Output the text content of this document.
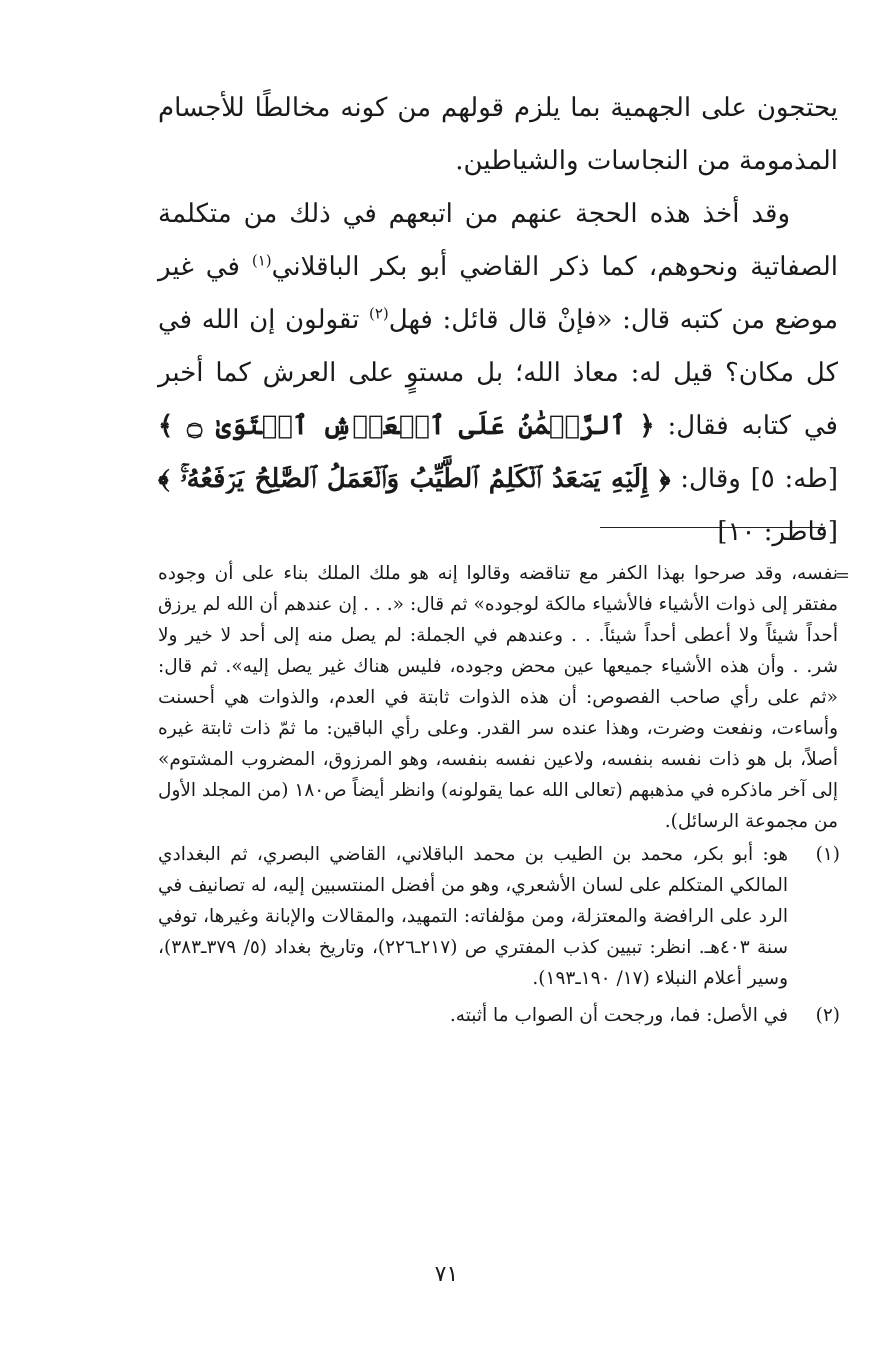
يحتجون على الجهمية بما يلزم قولهم من كونه مخالطًا للأجسام المذمومة من النجاسات والشياطين.

وقد أخذ هذه الحجة عنهم من اتبعهم في ذلك من متكلمة الصفاتية ونحوهم، كما ذكر القاضي أبو بكر الباقلاني$^{(١)}$ في غير موضع من كتبه قال: «فإنْ قال قائل: فهل$^{(٢)}$ تقولون إن الله في كل مكان؟ قيل له: معاذ الله؛ بل مستوٍ على العرش كما أخبر في كتابه فقال: ﴿ ٱلرَّحۡمَٰنُ عَلَى ٱلۡعَرۡشِ ٱسۡتَوَىٰ ۝ ﴾ [طه: ٥] وقال: ﴿ إِلَيۡهِ يَصۡعَدُ ٱلۡكَلِمُ ٱلطَّيِّبُ وَٱلۡعَمَلُ ٱلصَّٰلِحُ يَرۡفَعُهُۥۚ ﴾ [فاطر: ١٠]

=

نفسه، وقد صرحوا بهذا الكفر مع تناقضه وقالوا إنه هو ملك الملك بناء على أن وجوده مفتقر إلى ذوات الأشياء فالأشياء مالكة لوجوده» ثم قال: «. . . إن عندهم أن الله لم يرزق أحداً شيئاً ولا أعطى أحداً شيئاً. . . وعندهم في الجملة: لم يصل منه إلى أحد لا خير ولا شر. . وأن هذه الأشياء جميعها عين محض وجوده، فليس هناك غير يصل إليه». ثم قال: «ثم على رأي صاحب الفصوص: أن هذه الذوات ثابتة في العدم، والذوات هي أحسنت وأساءت، ونفعت وضرت، وهذا عنده سر القدر. وعلى رأي الباقين: ما ثمّ ذات ثابتة غيره أصلاً، بل هو ذات نفسه بنفسه، ولاعين نفسه بنفسه، وهو المرزوق، المضروب المشتوم» إلى آخر ماذكره في مذهبهم (تعالى الله عما يقولونه) وانظر أيضاً ص١٨٠ (من المجلد الأول من مجموعة الرسائل).

(١)

هو: أبو بكر، محمد بن الطيب بن محمد الباقلاني، القاضي البصري، ثم البغدادي المالكي المتكلم على لسان الأشعري، وهو من أفضل المنتسبين إليه، له تصانيف في الرد على الرافضة والمعتزلة، ومن مؤلفاته: التمهيد، والمقالات والإبانة وغيرها، توفي سنة ٤٠٣هـ. انظر: تبيين كذب المفتري ص (٢١٧ـ٢٢٦)، وتاريخ بغداد (٥/ ٣٧٩ـ٣٨٣)، وسير أعلام النبلاء (١٧/ ١٩٠ـ١٩٣).

(٢)

في الأصل: فما، ورجحت أن الصواب ما أثبته.

٧١
